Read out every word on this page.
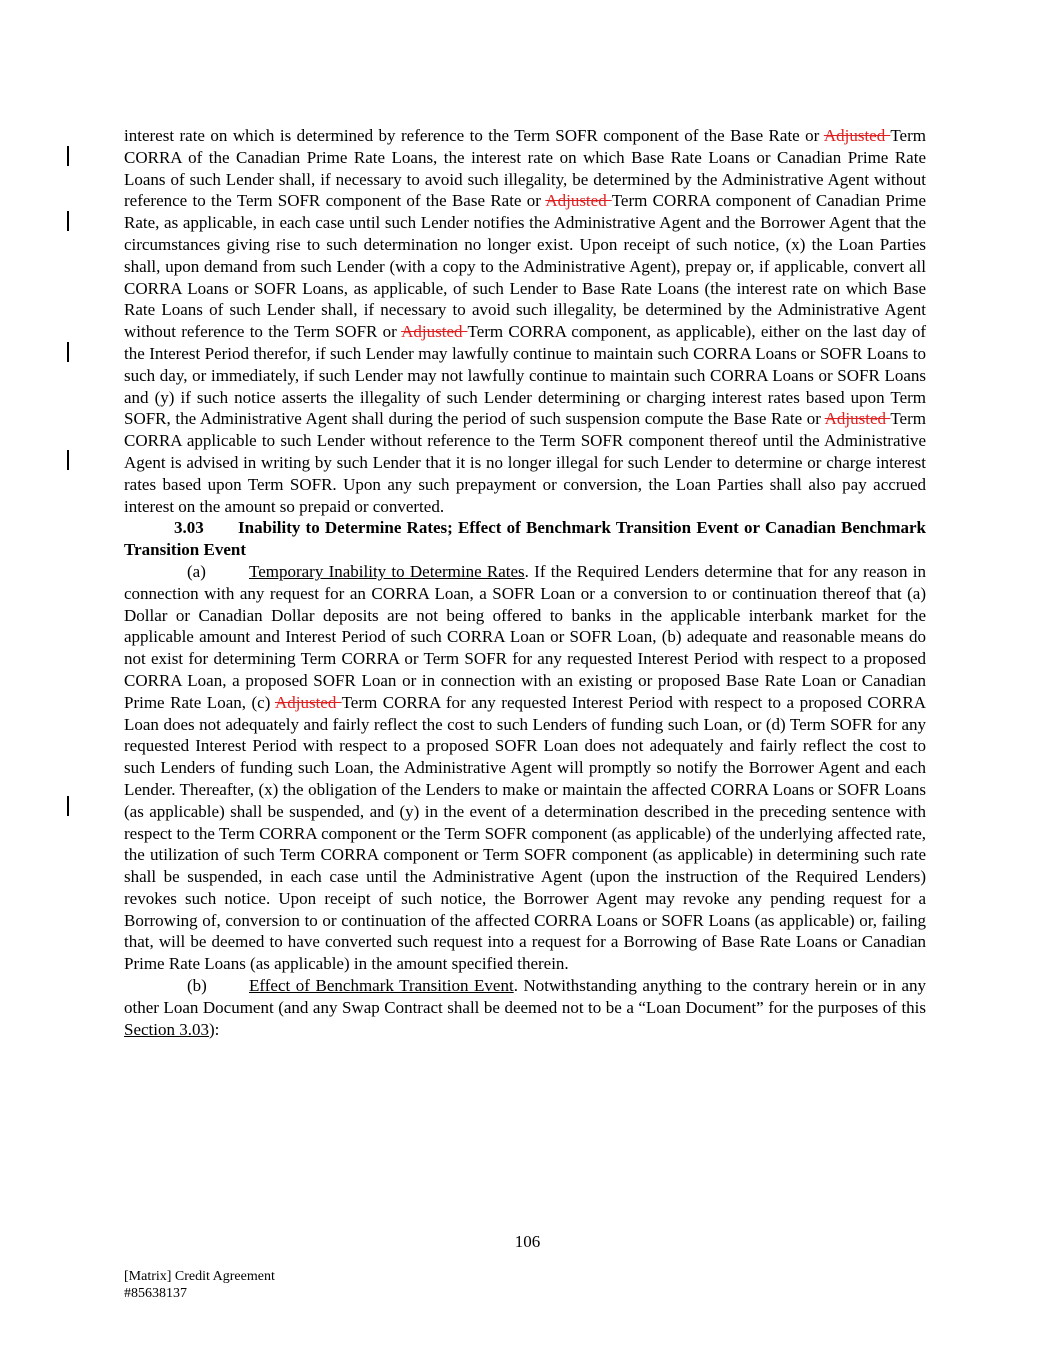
interest rate on which is determined by reference to the Term SOFR component of the Base Rate or Adjusted Term CORRA of the Canadian Prime Rate Loans, the interest rate on which Base Rate Loans or Canadian Prime Rate Loans of such Lender shall, if necessary to avoid such illegality, be determined by the Administrative Agent without reference to the Term SOFR component of the Base Rate or Adjusted Term CORRA component of Canadian Prime Rate, as applicable, in each case until such Lender notifies the Administrative Agent and the Borrower Agent that the circumstances giving rise to such determination no longer exist. Upon receipt of such notice, (x) the Loan Parties shall, upon demand from such Lender (with a copy to the Administrative Agent), prepay or, if applicable, convert all CORRA Loans or SOFR Loans, as applicable, of such Lender to Base Rate Loans (the interest rate on which Base Rate Loans of such Lender shall, if necessary to avoid such illegality, be determined by the Administrative Agent without reference to the Term SOFR or Adjusted Term CORRA component, as applicable), either on the last day of the Interest Period therefor, if such Lender may lawfully continue to maintain such CORRA Loans or SOFR Loans to such day, or immediately, if such Lender may not lawfully continue to maintain such CORRA Loans or SOFR Loans and (y) if such notice asserts the illegality of such Lender determining or charging interest rates based upon Term SOFR, the Administrative Agent shall during the period of such suspension compute the Base Rate or Adjusted Term CORRA applicable to such Lender without reference to the Term SOFR component thereof until the Administrative Agent is advised in writing by such Lender that it is no longer illegal for such Lender to determine or charge interest rates based upon Term SOFR. Upon any such prepayment or conversion, the Loan Parties shall also pay accrued interest on the amount so prepaid or converted.

3.03 Inability to Determine Rates; Effect of Benchmark Transition Event or Canadian Benchmark Transition Event

(a)	Temporary Inability to Determine Rates. If the Required Lenders determine that for any reason in connection with any request for an CORRA Loan, a SOFR Loan or a conversion to or continuation thereof that (a) Dollar or Canadian Dollar deposits are not being offered to banks in the applicable interbank market for the applicable amount and Interest Period of such CORRA Loan or SOFR Loan, (b) adequate and reasonable means do not exist for determining Term CORRA or Term SOFR for any requested Interest Period with respect to a proposed CORRA Loan, a proposed SOFR Loan or in connection with an existing or proposed Base Rate Loan or Canadian Prime Rate Loan, (c) Adjusted Term CORRA for any requested Interest Period with respect to a proposed CORRA Loan does not adequately and fairly reflect the cost to such Lenders of funding such Loan, or (d) Term SOFR for any requested Interest Period with respect to a proposed SOFR Loan does not adequately and fairly reflect the cost to such Lenders of funding such Loan, the Administrative Agent will promptly so notify the Borrower Agent and each Lender. Thereafter, (x) the obligation of the Lenders to make or maintain the affected CORRA Loans or SOFR Loans (as applicable) shall be suspended, and (y) in the event of a determination described in the preceding sentence with respect to the Term CORRA component or the Term SOFR component (as applicable) of the underlying affected rate, the utilization of such Term CORRA component or Term SOFR component (as applicable) in determining such rate shall be suspended, in each case until the Administrative Agent (upon the instruction of the Required Lenders) revokes such notice. Upon receipt of such notice, the Borrower Agent may revoke any pending request for a Borrowing of, conversion to or continuation of the affected CORRA Loans or SOFR Loans (as applicable) or, failing that, will be deemed to have converted such request into a request for a Borrowing of Base Rate Loans or Canadian Prime Rate Loans (as applicable) in the amount specified therein.

(b) Effect of Benchmark Transition Event. Notwithstanding anything to the contrary herein or in any other Loan Document (and any Swap Contract shall be deemed not to be a “Loan Document” for the purposes of this Section 3.03):

106
[Matrix] Credit Agreement
#85638137
